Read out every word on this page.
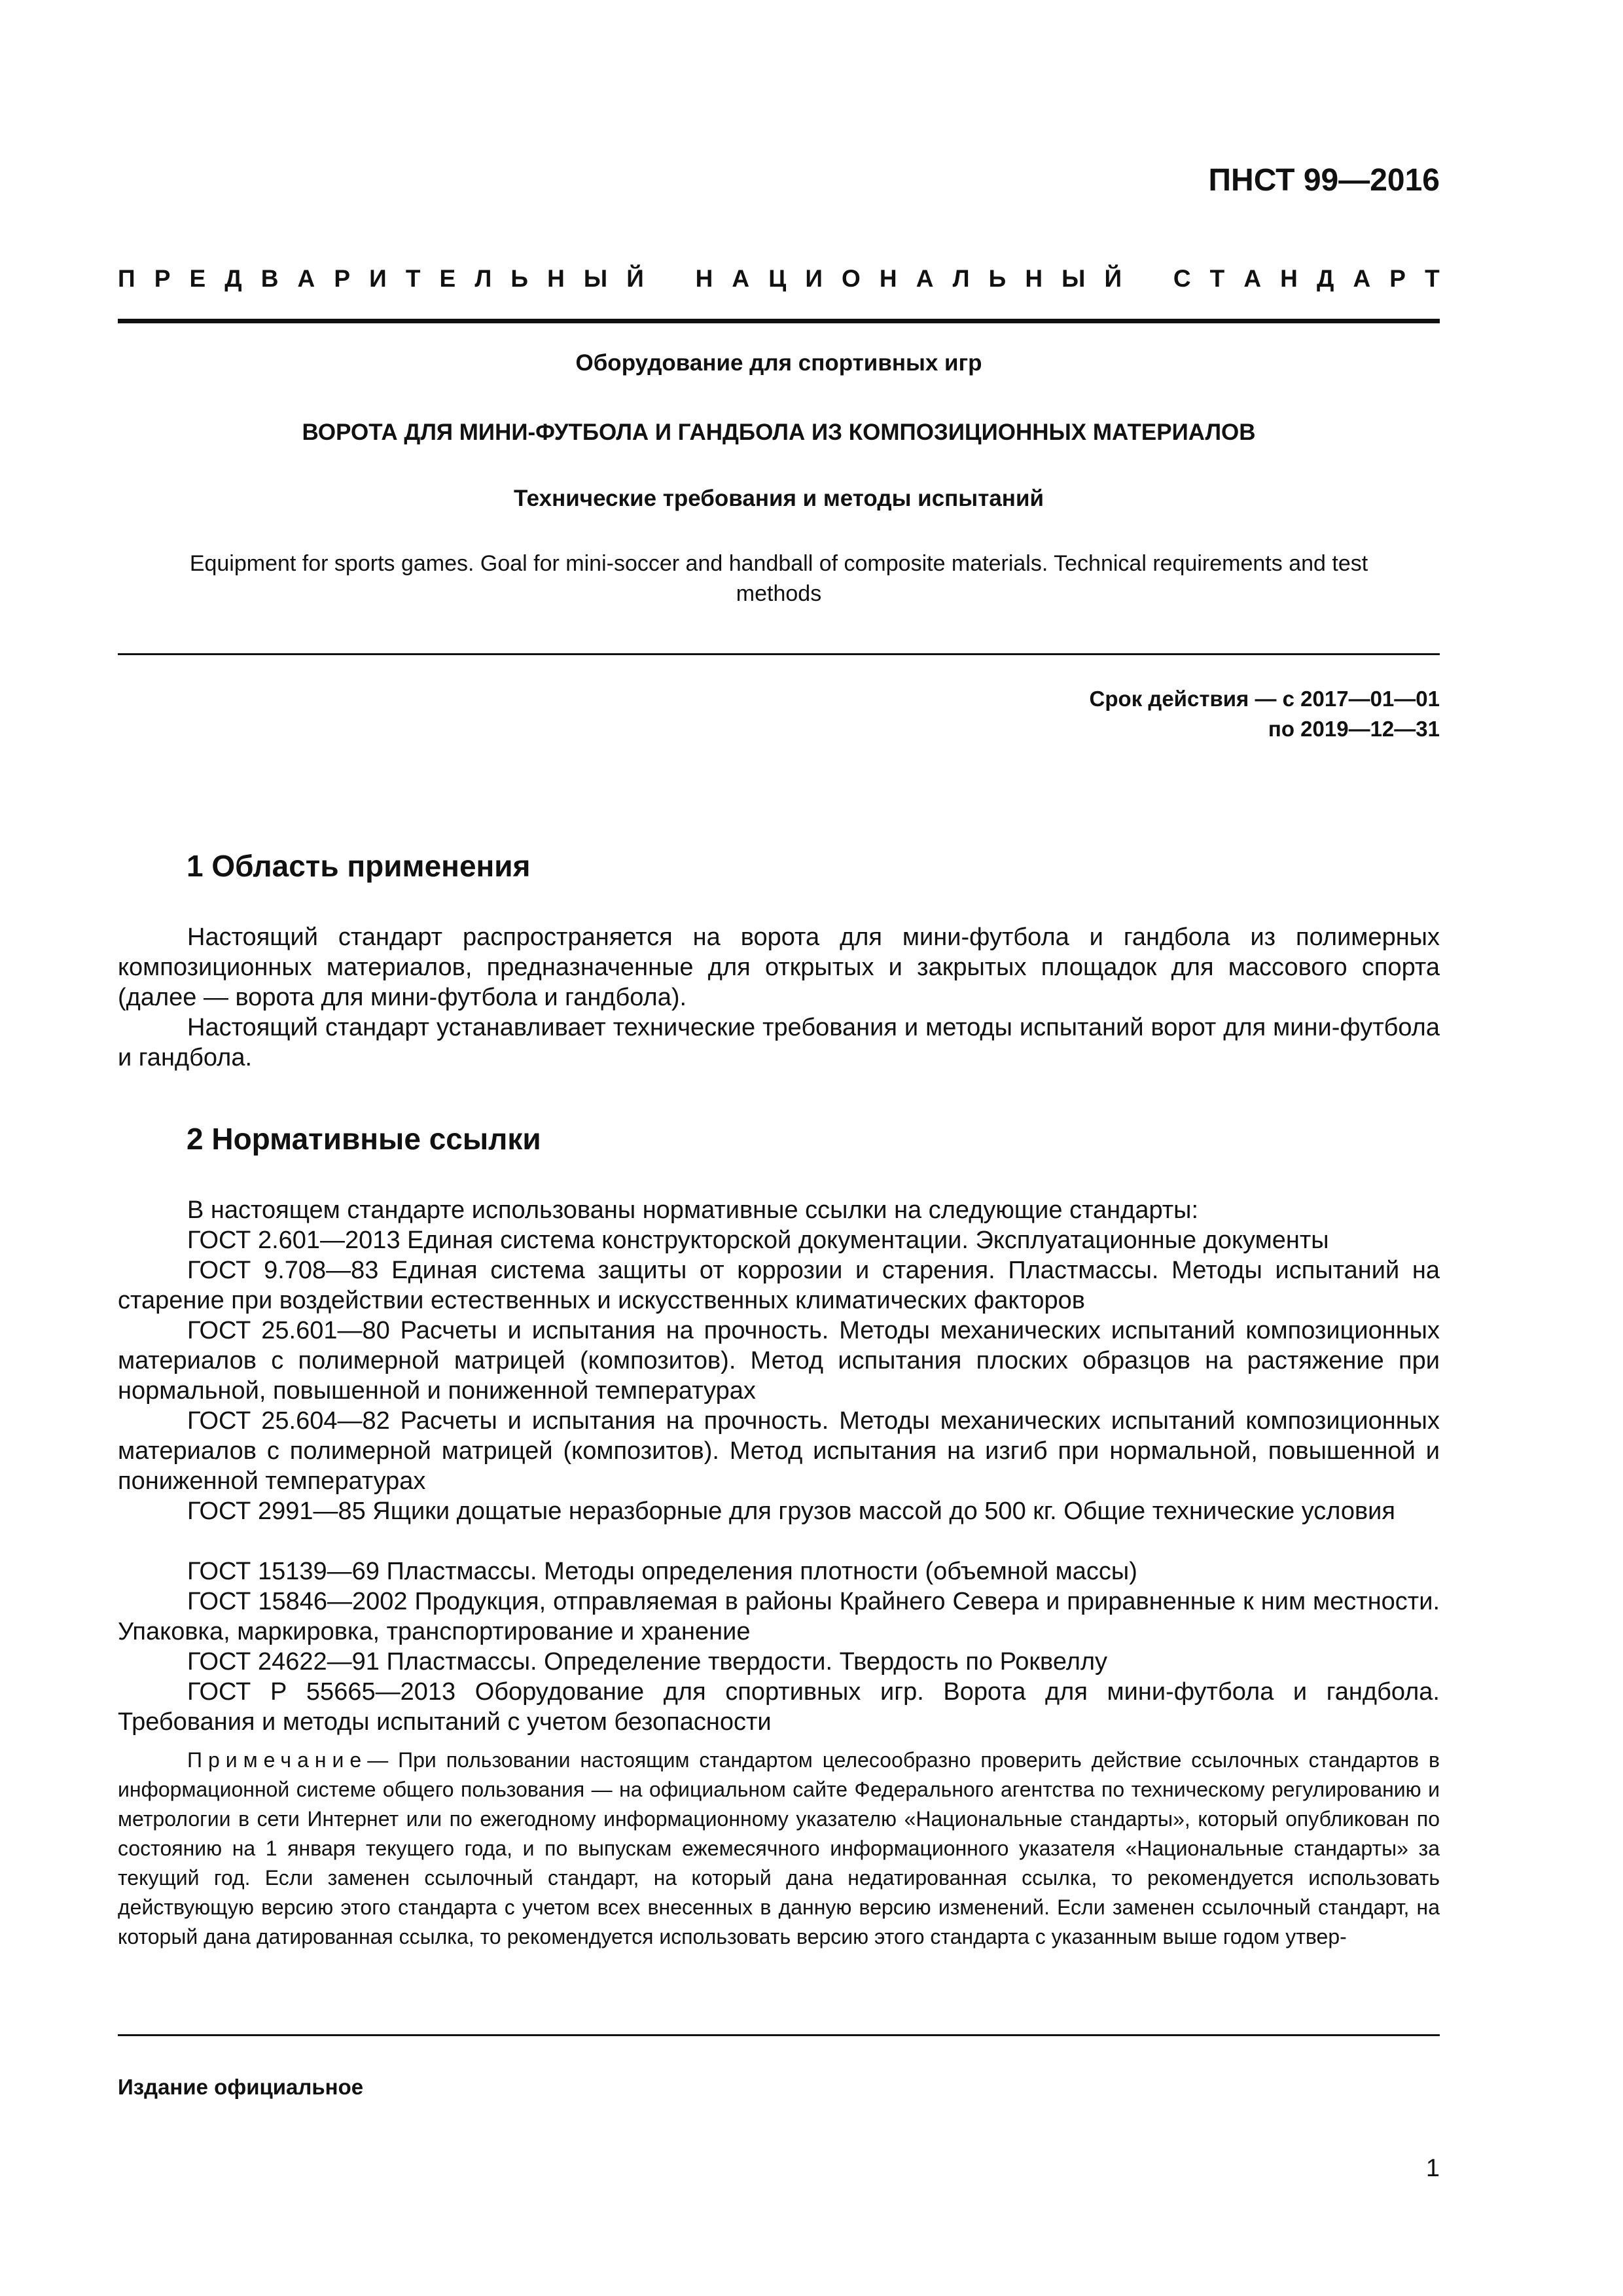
ПНСТ 99—2016
П Р Е Д В А Р И Т Е Л Ь Н Ы Й
Н А Ц И О Н А Л Ь Н Ы Й
С Т А Н Д А Р Т
Оборудование для спортивных игр
ВОРОТА ДЛЯ МИНИ-ФУТБОЛА И ГАНДБОЛА ИЗ КОМПОЗИЦИОННЫХ МАТЕРИАЛОВ
Технические требования и методы испытаний
Equipment for sports games. Goal for mini-soccer and handball of composite materials. Technical requirements and test methods
Срок действия — с 2017—01—01
по 2019—12—31
1 Область применения

Настоящий стандарт распространяется на ворота для мини-футбола и гандбола из полимерных композиционных материалов, предназначенные для открытых и закрытых площадок для массового спорта (далее — ворота для мини-футбола и гандбола).

Настоящий стандарт устанавливает технические требования и методы испытаний ворот для мини-футбола и гандбола.

2 Нормативные ссылки

В настоящем стандарте использованы нормативные ссылки на следующие стандарты:

ГОСТ 2.601—2013 Единая система конструкторской документации. Эксплуатационные документы

ГОСТ 9.708—83 Единая система защиты от коррозии и старения. Пластмассы. Методы испытаний на старение при воздействии естественных и искусственных климатических факторов

ГОСТ 25.601—80 Расчеты и испытания на прочность. Методы механических испытаний композиционных материалов с полимерной матрицей (композитов). Метод испытания плоских образцов на растяжение при нормальной, повышенной и пониженной температурах

ГОСТ 25.604—82 Расчеты и испытания на прочность. Методы механических испытаний композиционных материалов с полимерной матрицей (композитов). Метод испытания на изгиб при нормальной, повышенной и пониженной температурах

ГОСТ 2991—85 Ящики дощатые неразборные для грузов массой до 500 кг. Общие технические условия

ГОСТ 15139—69 Пластмассы. Методы определения плотности (объемной массы)

ГОСТ 15846—2002 Продукция, отправляемая в районы Крайнего Севера и приравненные к ним местности. Упаковка, маркировка, транспортирование и хранение

ГОСТ 24622—91 Пластмассы. Определение твердости. Твердость по Роквеллу

ГОСТ Р 55665—2013 Оборудование для спортивных игр. Ворота для мини-футбола и гандбола. Требования и методы испытаний с учетом безопасности

Примечание— При пользовании настоящим стандартом целесообразно проверить действие ссылочных стандартов в информационной системе общего пользования — на официальном сайте Федерального агентства по техническому регулированию и метрологии в сети Интернет или по ежегодному информационному указателю «Национальные стандарты», который опубликован по состоянию на 1 января текущего года, и по выпускам ежемесячного информационного указателя «Национальные стандарты» за текущий год. Если заменен ссылочный стандарт, на который дана недатированная ссылка, то рекомендуется использовать действующую версию этого стандарта с учетом всех внесенных в данную версию изменений. Если заменен ссылочный стандарт, на который дана датированная ссылка, то рекомендуется использовать версию этого стандарта с указанным выше годом утвер-

Издание официальное
1
